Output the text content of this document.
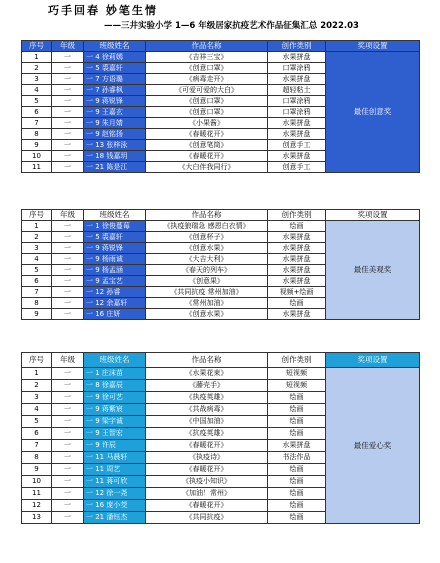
巧手回春 妙笔生情
——三井实验小学 1—6 年级居家抗疫艺术作品征集汇总 2022.03
序号	年级	班级姓名	作品名称	创作类别	奖项设置
1	一	一 4 徐莉嫣	《吉祥三宝》	水果拼盘	最佳创意奖
2	一	一 5 裘嘉轩	《创意口罩》	口罩涂鸦	
3	一	一 7 方语璐	《病毒走开》	水果拼盘	
4	一	一 7 孙睿枫	《可爱可爱的大白》	超轻粘土	
5	一	一 9 蒋锐锋	《创意口罩》	口罩涂鸦	
6	一	一 9 王嘉玄	《创意口罩》	口罩涂鸦	
7	一	一 9 朱月婧	《小果酱》	水果拼盘	
8	一	一 9 赵铭扬	《春暖花开》	水果拼盘	
9	一	一 13 张梓泳	《创意笔筒》	创意手工	
10	一	一 18 钱嘉玥	《春暖花开》	水果拼盘	
11	一	一 21 陈是江	《大白伴我同行》	创意手工	
序号	年级	班级姓名	作品名称	创作类别	奖项设置
1	一	一 1 徐俊蔓莓	《执疫狼瑞急 感恩白衣情》	绘画	最佳美观奖
2	一	一 5 裘嘉轩	《创意杯子》	水果拼盘	
3	一	一 9 蒋锐锋	《创意水果》	水果拼盘	
4	一	一 9 杨雨诚	《大吉大利》	水果拼盘	
5	一	一 9 杨孟涵	《春天的列车》	水果拼盘	
6	一	一 9 孟宝艺	《创意果》	水果拼盘	
7	一	一 12 孙睿	《共同抗疫 常州加油》	视频+绘画	
8	一	一 12 余嘉轩	《常州加油》	绘画	
9	一	一 16 庄妍	《创意水果》	水果拼盘	
序号	年级	班级姓名	作品名称	创作类别	奖项设置
1	一	一 1 庄沫苗	《水果花束》	短视频	最佳爱心奖
2	一	一 8 徐嘉辰	《藤壳手》	短视频	
3	一	一 9 徐可艺	《执疫英雄》	绘画	
4	一	一 9 蒋紫宸	《共战病毒》	绘画	
5	一	一 9 梁宇诚	《中国加油》	绘画	
6	一	一 9 王智宏	《抗疫英雄》	绘画	
7	一	一 9 许辰	《春暖花开》	水果拼盘	
8	一	一 11 马晨轩	《执疫诗》	书法作品	
9	一	一 11 周艺	《春暖花开》	绘画	
10	一	一 11 蒋可欣	《执疫小知识》	绘画	
11	一	一 12 徐一尧	《加油！常州》	绘画	
12	一	一 16 庞小茭	《春暖花开》	绘画	
13	一	一 21 潘钰杰	《共同抗疫》	绘画	
